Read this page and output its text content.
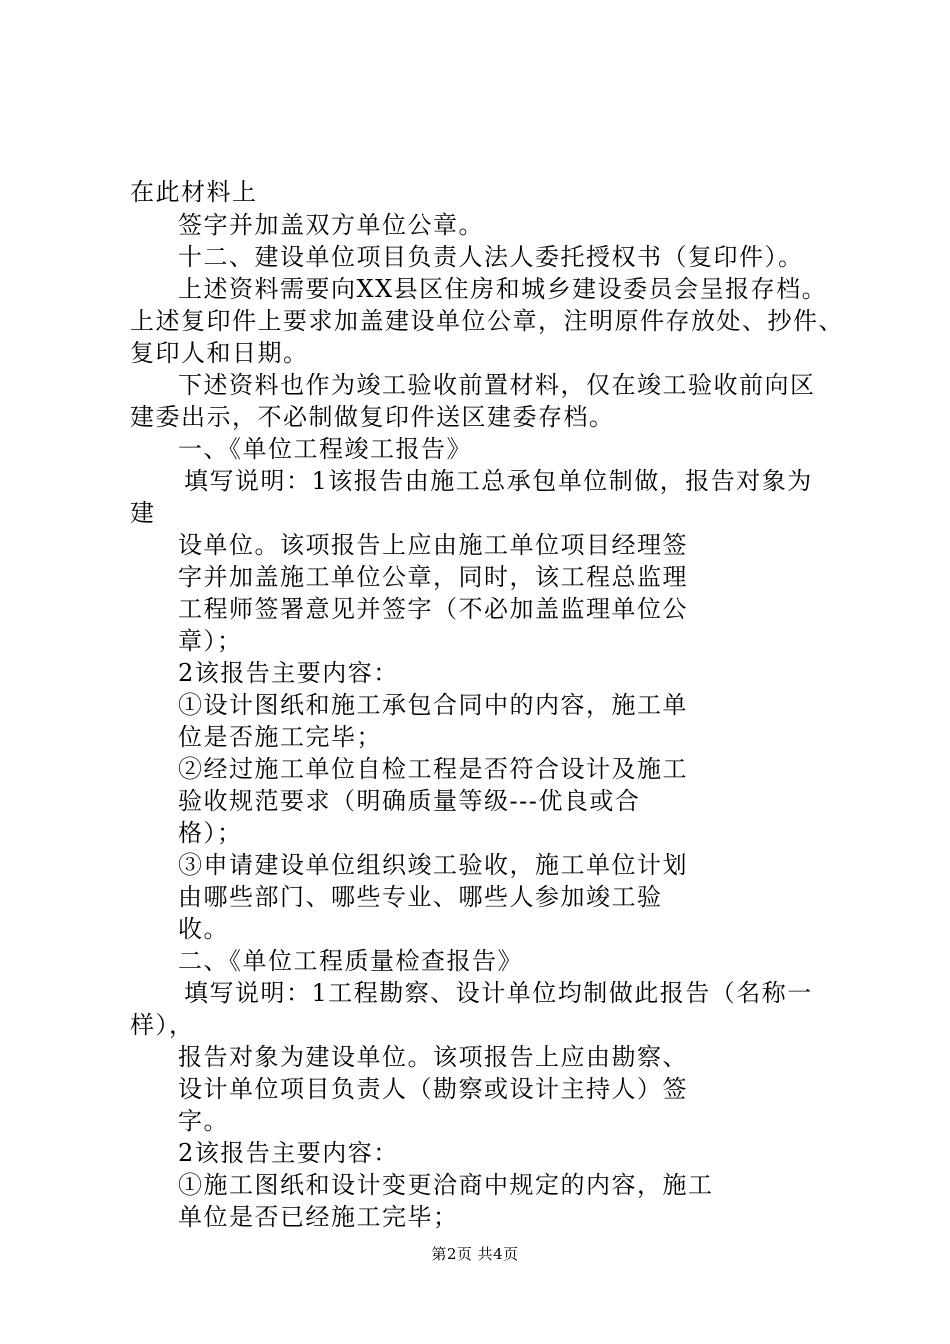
在此材料上
签字并加盖双方单位公章。
十二、建设单位项目负责人法人委托授权书（复印件）。
上述资料需要向XX县区住房和城乡建设委员会呈报存档。
上述复印件上要求加盖建设单位公章，注明原件存放处、抄件、
复印人和日期。
下述资料也作为竣工验收前置材料，仅在竣工验收前向区
建委出示，不必制做复印件送区建委存档。
一、《单位工程竣工报告》
填写说明：1该报告由施工总承包单位制做，报告对象为
建
设单位。该项报告上应由施工单位项目经理签
字并加盖施工单位公章，同时，该工程总监理
工程师签署意见并签字（不必加盖监理单位公
章）；
2该报告主要内容：
①设计图纸和施工承包合同中的内容，施工单
位是否施工完毕；
②经过施工单位自检工程是否符合设计及施工
验收规范要求（明确质量等级---优良或合
格）；
③申请建设单位组织竣工验收，施工单位计划
由哪些部门、哪些专业、哪些人参加竣工验
收。
二、《单位工程质量检查报告》
填写说明：1工程勘察、设计单位均制做此报告（名称一
样），
报告对象为建设单位。该项报告上应由勘察、
设计单位项目负责人（勘察或设计主持人）签
字。
2该报告主要内容：
①施工图纸和设计变更洽商中规定的内容，施工
单位是否已经施工完毕；
第2页 共4页
